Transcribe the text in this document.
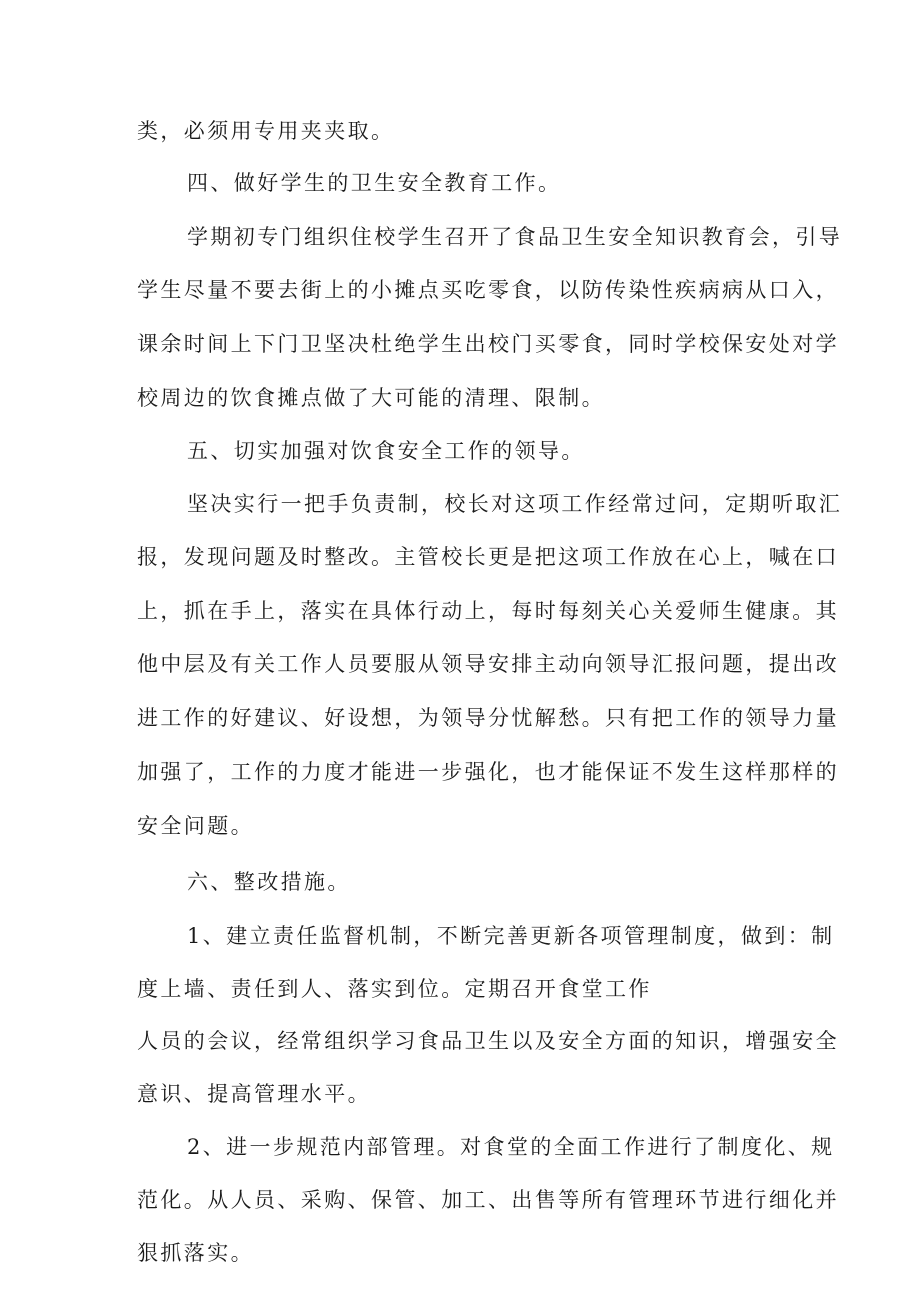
类，必须用专用夹夹取。
四、做好学生的卫生安全教育工作。
学期初专门组织住校学生召开了食品卫生安全知识教育会，引导
学生尽量不要去街上的小摊点买吃零食，以防传染性疾病病从口入，
课余时间上下门卫坚决杜绝学生出校门买零食，同时学校保安处对学
校周边的饮食摊点做了大可能的清理、限制。
五、切实加强对饮食安全工作的领导。
坚决实行一把手负责制，校长对这项工作经常过问，定期听取汇
报，发现问题及时整改。主管校长更是把这项工作放在心上，喊在口
上，抓在手上，落实在具体行动上，每时每刻关心关爱师生健康。其
他中层及有关工作人员要服从领导安排主动向领导汇报问题，提出改
进工作的好建议、好设想，为领导分忧解愁。只有把工作的领导力量
加强了，工作的力度才能进一步强化，也才能保证不发生这样那样的
安全问题。
六、整改措施。
1、建立责任监督机制，不断完善更新各项管理制度，做到：制
度上墙、责任到人、落实到位。定期召开食堂工作
人员的会议，经常组织学习食品卫生以及安全方面的知识，增强安全
意识、提高管理水平。
2、进一步规范内部管理。对食堂的全面工作进行了制度化、规
范化。从人员、采购、保管、加工、出售等所有管理环节进行细化并
狠抓落实。
